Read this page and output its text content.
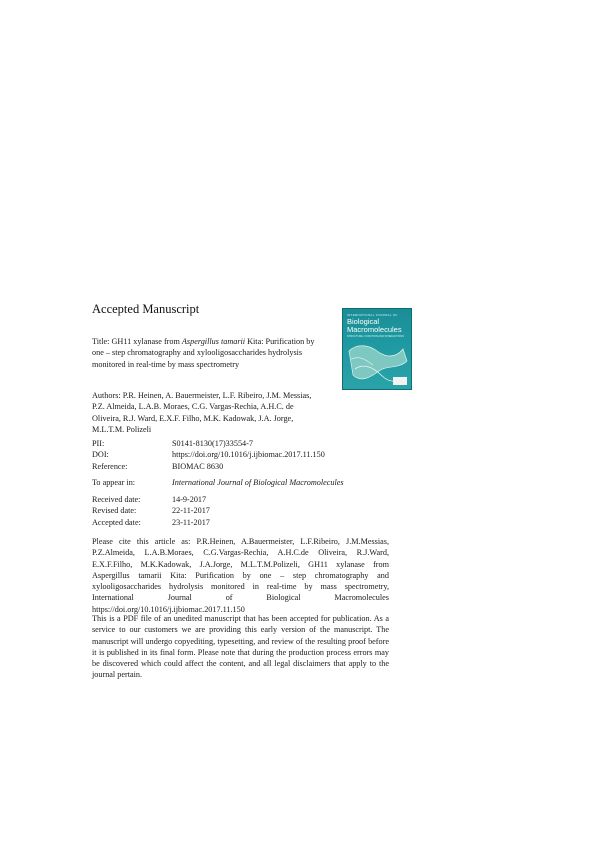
Accepted Manuscript
Title: GH11 xylanase from Aspergillus tamarii Kita: Purification by one – step chromatography and xylooligosaccharides hydrolysis monitored in real-time by mass spectrometry
INTERNATIONAL JOURNAL OF
Biological Macromolecules
STRUCTURE, FUNCTION AND INTERACTIONS
Authors: P.R. Heinen, A. Bauermeister, L.F. Ribeiro, J.M. Messias, P.Z. Almeida, L.A.B. Moraes, C.G. Vargas-Rechia, A.H.C. de Oliveira, R.J. Ward, E.X.F. Filho, M.K. Kadowak, J.A. Jorge, M.L.T.M. Polizeli
PII:	S0141-8130(17)33554-7
DOI:	https://doi.org/10.1016/j.ijbiomac.2017.11.150
Reference:	BIOMAC 8630
To appear in:	International Journal of Biological Macromolecules
Received date:	14-9-2017
Revised date:	22-11-2017
Accepted date:	23-11-2017
Please cite this article as: P.R.Heinen, A.Bauermeister, L.F.Ribeiro, J.M.Messias, P.Z.Almeida, L.A.B.Moraes, C.G.Vargas-Rechia, A.H.C.de Oliveira, R.J.Ward, E.X.F.Filho, M.K.Kadowak, J.A.Jorge, M.L.T.M.Polizeli, GH11 xylanase from Aspergillus tamarii Kita: Purification by one – step chromatography and xylooligosaccharides hydrolysis monitored in real-time by mass spectrometry, International Journal of Biological Macromolecules https://doi.org/10.1016/j.ijbiomac.2017.11.150
This is a PDF file of an unedited manuscript that has been accepted for publication. As a service to our customers we are providing this early version of the manuscript. The manuscript will undergo copyediting, typesetting, and review of the resulting proof before it is published in its final form. Please note that during the production process errors may be discovered which could affect the content, and all legal disclaimers that apply to the journal pertain.
